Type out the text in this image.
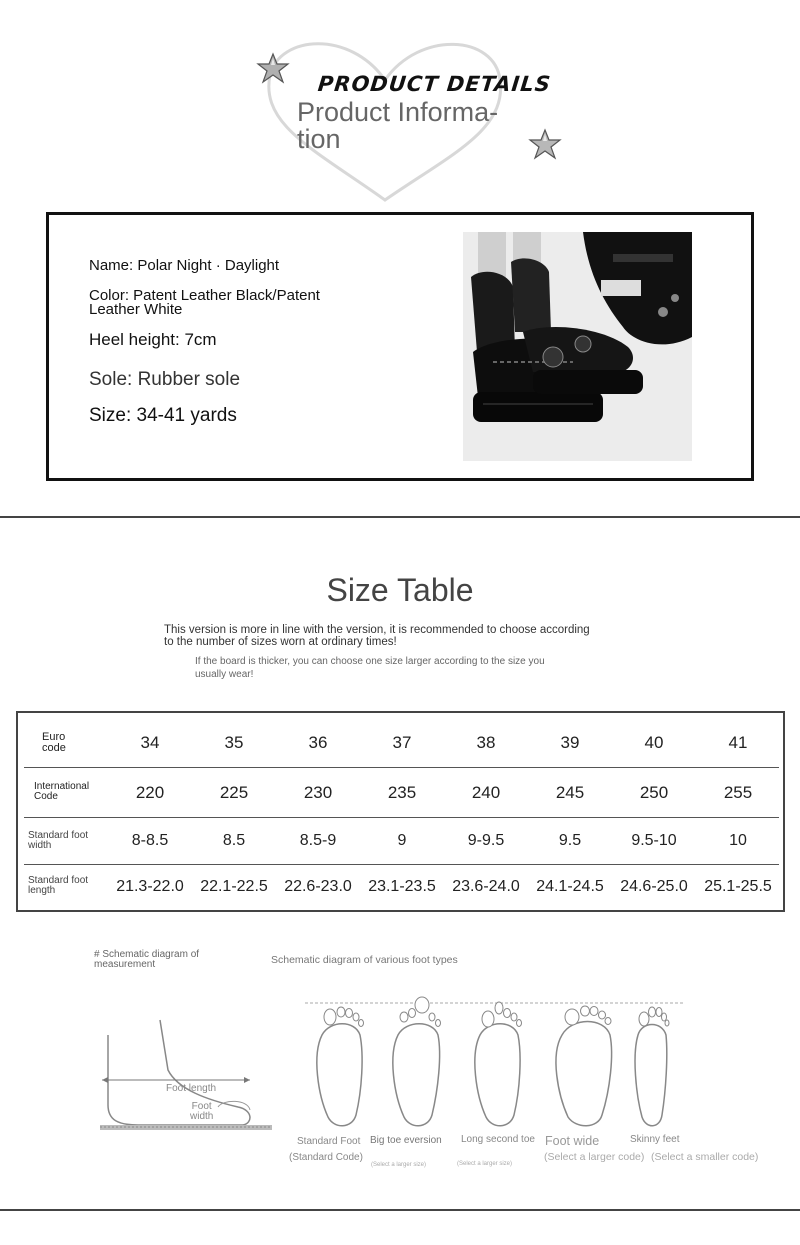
PRODUCT DETAILS
Product Informa-
tion
Name: Polar Night · Daylight
Color: Patent Leather Black/Patent
Leather White
Heel height: 7cm
Sole: Rubber sole
Size: 34-41 yards
Size Table
This version is more in line with the version, it is recommended to choose according
to the number of sizes worn at ordinary times!
If the board is thicker, you can choose one size larger according to the size you
usually wear!
Euro
code	34	35	36	37	38	39	40	41
International
Code	220	225	230	235	240	245	250	255
Standard foot
width	8-8.5	8.5	8.5-9	9	9-9.5	9.5	9.5-10	10
Standard foot
length	21.3-22.0	22.1-22.5	22.6-23.0	23.1-23.5	23.6-24.0	24.1-24.5	24.6-25.0	25.1-25.5
# Schematic diagram of
measurement
Foot length
Foot
width
Schematic diagram of various foot types
Standard Foot
(Standard Code)
Big toe eversion
(Select a larger size)
Long second toe
(Select a larger size)
Foot wide
(Select a larger code)
Skinny feet
(Select a smaller code)
